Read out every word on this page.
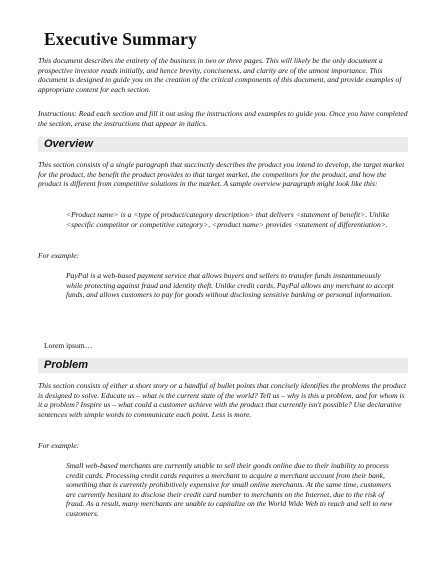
Executive Summary

This document describes the entirety of the business in two or three pages. This will likely be the only document a prospective investor reads initially, and hence brevity, conciseness, and clarity are of the utmost importance. This document is designed to guide you on the creation of the critical components of this document, and provide examples of appropriate content for each section.

Instructions: Read each section and fill it out using the instructions and examples to guide you. Once you have completed the section, erase the instructions that appear in italics.

Overview

This section consists of a single paragraph that succinctly describes the product you intend to develop, the target market for the product, the benefit the product provides to that target market, the competitors for the product, and how the product is different from competitive solutions in the market. A sample overview paragraph might look like this:

<Product name> is a <type of product/category description> that delivers <statement of benefit>. Unlike <specific competitor or competitive category>, <product name> provides <statement of differentiation>.

For example:

PayPal is a web-based payment service that allows buyers and sellers to transfer funds instantaneously while protecting against fraud and identity theft. Unlike credit cards, PayPal allows any merchant to accept funds, and allows customers to pay for goods without disclosing sensitive banking or personal information.

Lorem ipsum…

Problem

This section consists of either a short story or a handful of bullet points that concisely identifies the problems the product is designed to solve. Educate us – what is the current state of the world? Tell us – why is this a problem, and for whom is it a problem? Inspire us – what could a customer achieve with the product that currently isn't possible? Use declarative sentences with simple words to communicate each point. Less is more.

For example:

Small web-based merchants are currently unable to sell their goods online due to their inability to process credit cards. Processing credit cards requires a merchant to acquire a merchant account from their bank, something that is currently prohibitively expensive for small online merchants. At the same time, customers are currently hesitant to disclose their credit card number to merchants on the Internet, due to the risk of fraud. As a result, many merchants are unable to capitalize on the World Wide Web to reach and sell to new customers.
